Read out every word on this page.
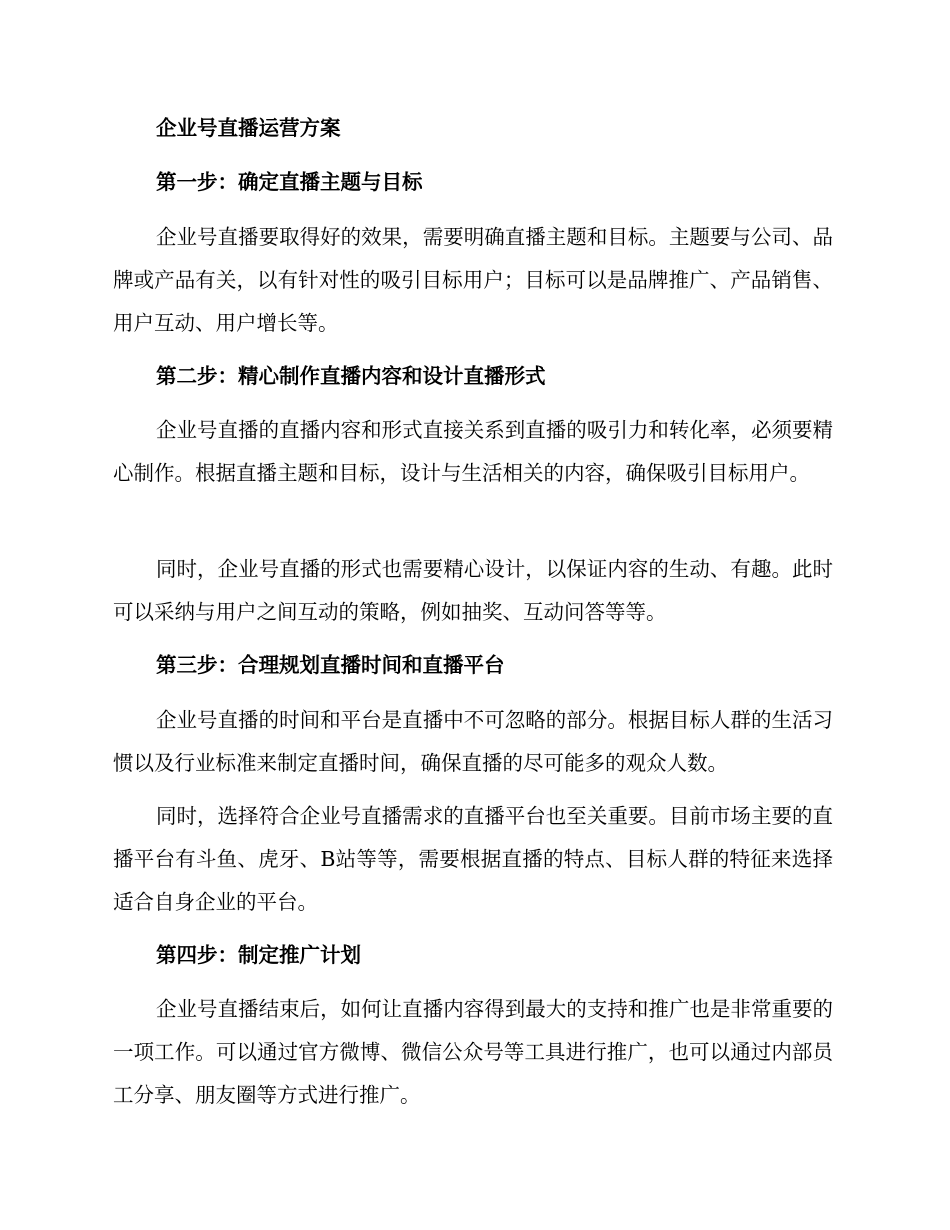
企业号直播运营方案

第一步：确定直播主题与目标

企业号直播要取得好的效果，需要明确直播主题和目标。主题要与公司、品牌或产品有关，以有针对性的吸引目标用户；目标可以是品牌推广、产品销售、用户互动、用户增长等。

第二步：精心制作直播内容和设计直播形式

企业号直播的直播内容和形式直接关系到直播的吸引力和转化率，必须要精心制作。根据直播主题和目标，设计与生活相关的内容，确保吸引目标用户。

同时，企业号直播的形式也需要精心设计，以保证内容的生动、有趣。此时可以采纳与用户之间互动的策略，例如抽奖、互动问答等等。

第三步：合理规划直播时间和直播平台

企业号直播的时间和平台是直播中不可忽略的部分。根据目标人群的生活习惯以及行业标准来制定直播时间，确保直播的尽可能多的观众人数。

同时，选择符合企业号直播需求的直播平台也至关重要。目前市场主要的直播平台有斗鱼、虎牙、B站等等，需要根据直播的特点、目标人群的特征来选择适合自身企业的平台。

第四步：制定推广计划

企业号直播结束后，如何让直播内容得到最大的支持和推广也是非常重要的一项工作。可以通过官方微博、微信公众号等工具进行推广，也可以通过内部员工分享、朋友圈等方式进行推广。
